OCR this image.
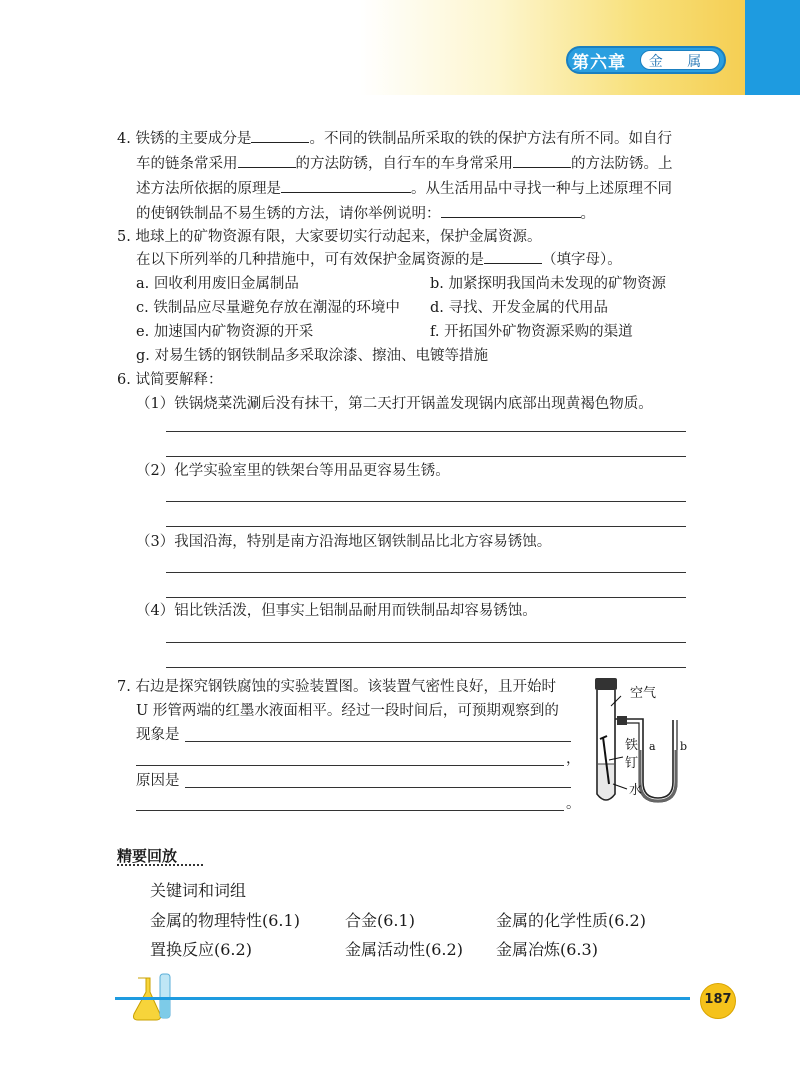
第六章	金 属
4. 铁锈的主要成分是	。不同的铁制品所采取的铁的保护方法有所不同。如自行
车的链条常采用	的方法防锈，自行车的车身常采用	的方法防锈。上
述方法所依据的原理是	。从生活用品中寻找一种与上述原理不同
的使钢铁制品不易生锈的方法，请你举例说明：	。
5. 地球上的矿物资源有限，大家要切实行动起来，保护金属资源。
在以下所列举的几种措施中，可有效保护金属资源的是	（填字母）。
a. 回收利用废旧金属制品	b. 加紧探明我国尚未发现的矿物资源
c. 铁制品应尽量避免存放在潮湿的环境中 d. 寻找、开发金属的代用品
e. 加速国内矿物资源的开采	f. 开拓国外矿物资源采购的渠道
g. 对易生锈的钢铁制品多采取涂漆、擦油、电镀等措施
6. 试简要解释：
（1）铁锅烧菜洗涮后没有抹干，第二天打开锅盖发现锅内底部出现黄褐色物质。
（2）化学实验室里的铁架台等用品更容易生锈。
（3）我国沿海，特别是南方沿海地区钢铁制品比北方容易锈蚀。
（4）铝比铁活泼，但事实上铝制品耐用而铁制品却容易锈蚀。
7. 右边是探究钢铁腐蚀的实验装置图。该装置气密性良好，且开始时
U 形管两端的红墨水液面相平。经过一段时间后，可预期观察到的
现象是
，
原因是
。
空气
铁
钉
水
a b
精要回放
关键词和词组
金属的物理特性(6.1)	合金(6.1)	金属的化学性质(6.2)
置换反应(6.2)	金属活动性(6.2) 金属冶炼(6.3)
187
